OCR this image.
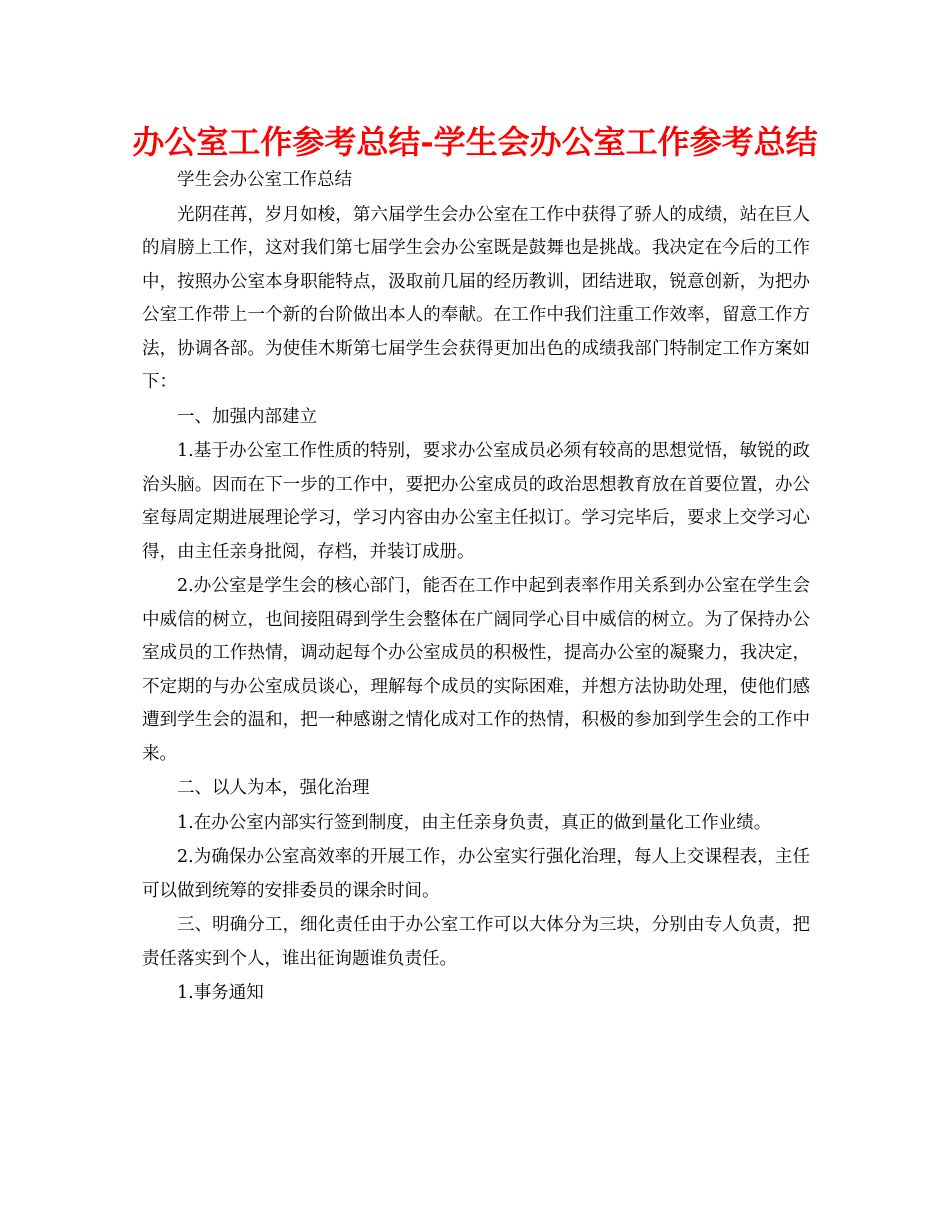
办公室工作参考总结-学生会办公室工作参考总结

学生会办公室工作总结

光阴荏苒，岁月如梭，第六届学生会办公室在工作中获得了骄人的成绩，站在巨人的肩膀上工作，这对我们第七届学生会办公室既是鼓舞也是挑战。我决定在今后的工作中，按照办公室本身职能特点，汲取前几届的经历教训，团结进取，锐意创新，为把办公室工作带上一个新的台阶做出本人的奉献。在工作中我们注重工作效率，留意工作方法，协调各部。为使佳木斯第七届学生会获得更加出色的成绩我部门特制定工作方案如下：

一、加强内部建立

1.基于办公室工作性质的特别，要求办公室成员必须有较高的思想觉悟，敏锐的政治头脑。因而在下一步的工作中，要把办公室成员的政治思想教育放在首要位置，办公室每周定期进展理论学习，学习内容由办公室主任拟订。学习完毕后，要求上交学习心得，由主任亲身批阅，存档，并装订成册。

2.办公室是学生会的核心部门，能否在工作中起到表率作用关系到办公室在学生会中威信的树立，也间接阻碍到学生会整体在广阔同学心目中威信的树立。为了保持办公室成员的工作热情，调动起每个办公室成员的积极性，提高办公室的凝聚力，我决定，不定期的与办公室成员谈心，理解每个成员的实际困难，并想方法协助处理，使他们感遭到学生会的温和，把一种感谢之情化成对工作的热情，积极的参加到学生会的工作中来。

二、以人为本，强化治理

1.在办公室内部实行签到制度，由主任亲身负责，真正的做到量化工作业绩。

2.为确保办公室高效率的开展工作，办公室实行强化治理，每人上交课程表，主任可以做到统筹的安排委员的课余时间。

三、明确分工，细化责任由于办公室工作可以大体分为三块，分别由专人负责，把责任落实到个人，谁出征询题谁负责任。

1.事务通知
